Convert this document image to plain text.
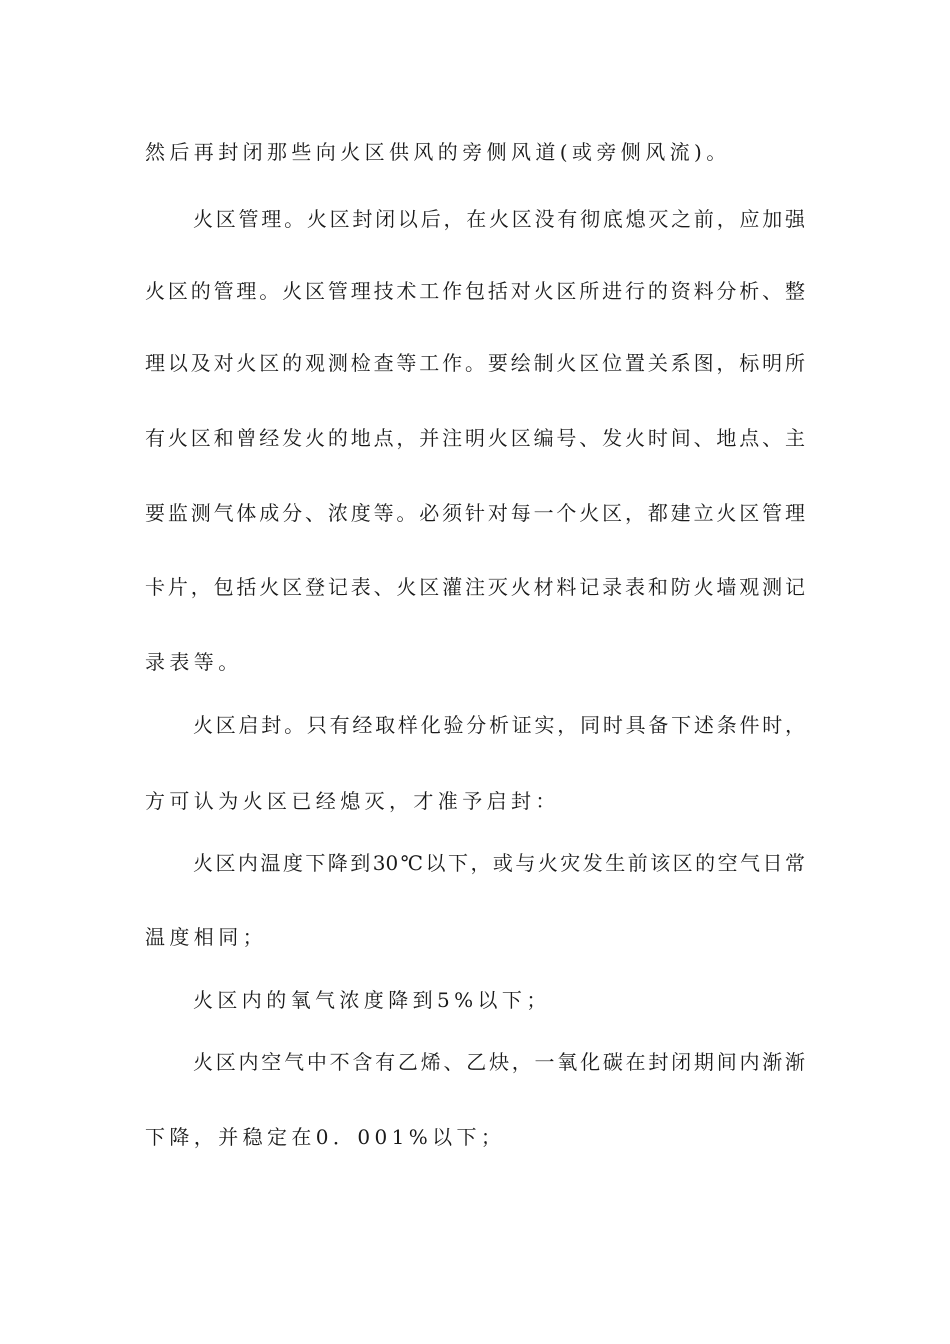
然后再封闭那些向火区供风的旁侧风道(或旁侧风流)。
火区管理。火区封闭以后，在火区没有彻底熄灭之前，应加强
火区的管理。火区管理技术工作包括对火区所进行的资料分析、整
理以及对火区的观测检查等工作。要绘制火区位置关系图，标明所
有火区和曾经发火的地点，并注明火区编号、发火时间、地点、主
要监测气体成分、浓度等。必须针对每一个火区，都建立火区管理
卡片，包括火区登记表、火区灌注灭火材料记录表和防火墙观测记
录表等。
火区启封。只有经取样化验分析证实，同时具备下述条件时，
方可认为火区已经熄灭，才准予启封：
火区内温度下降到30℃以下，或与火灾发生前该区的空气日常
温度相同；
火区内的氧气浓度降到5%以下；
火区内空气中不含有乙烯、乙炔，一氧化碳在封闭期间内渐渐
下降，并稳定在0．001%以下；
